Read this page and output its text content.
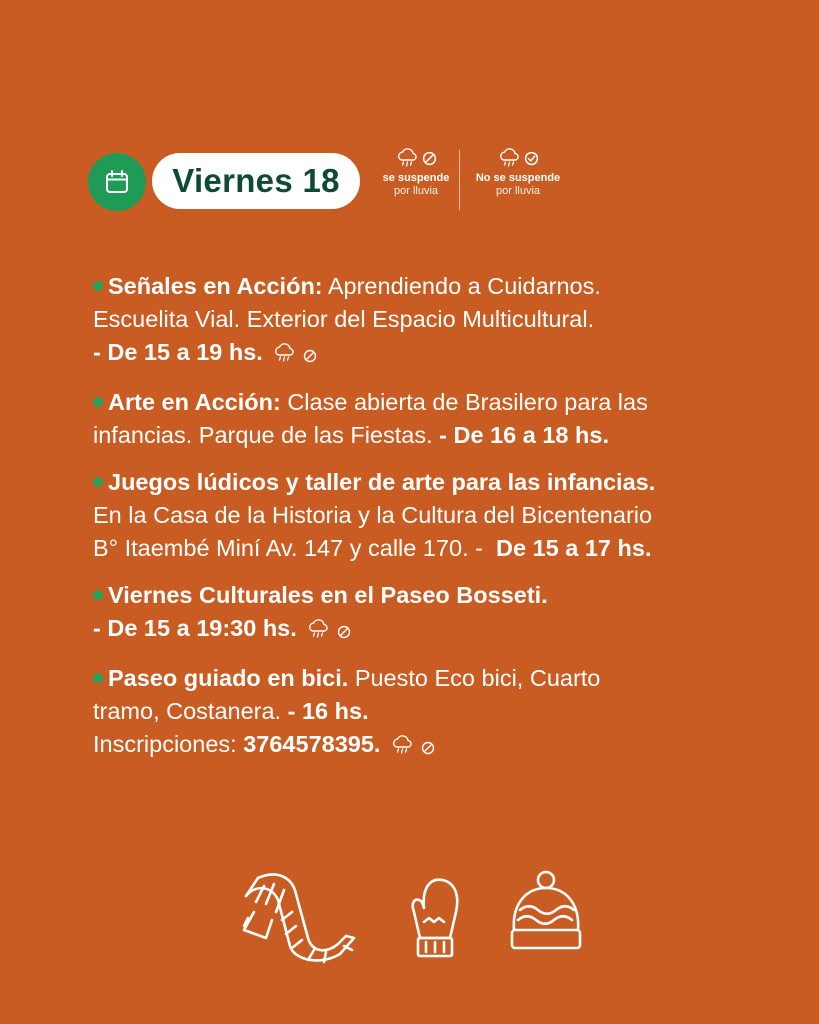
Viernes 18	se suspende
por lluvia
No se suspende
por lluvia
Señales en Acción: Aprendiendo a Cuidarnos.
Escuelita Vial. Exterior del Espacio Multicultural.
- De 15 a 19 hs.
Arte en Acción: Clase abierta de Brasilero para las infancias. Parque de las Fiestas. - De 16 a 18 hs.
Juegos lúdicos y taller de arte para las infancias.
En la Casa de la Historia y la Cultura del Bicentenario
B° Itaembé Miní Av. 147 y calle 170. - De 15 a 17 hs.
Viernes Culturales en el Paseo Bosseti.
- De 15 a 19:30 hs.
Paseo guiado en bici. Puesto Eco bici, Cuarto
tramo, Costanera. - 16 hs.
Inscripciones: 3764578395.
